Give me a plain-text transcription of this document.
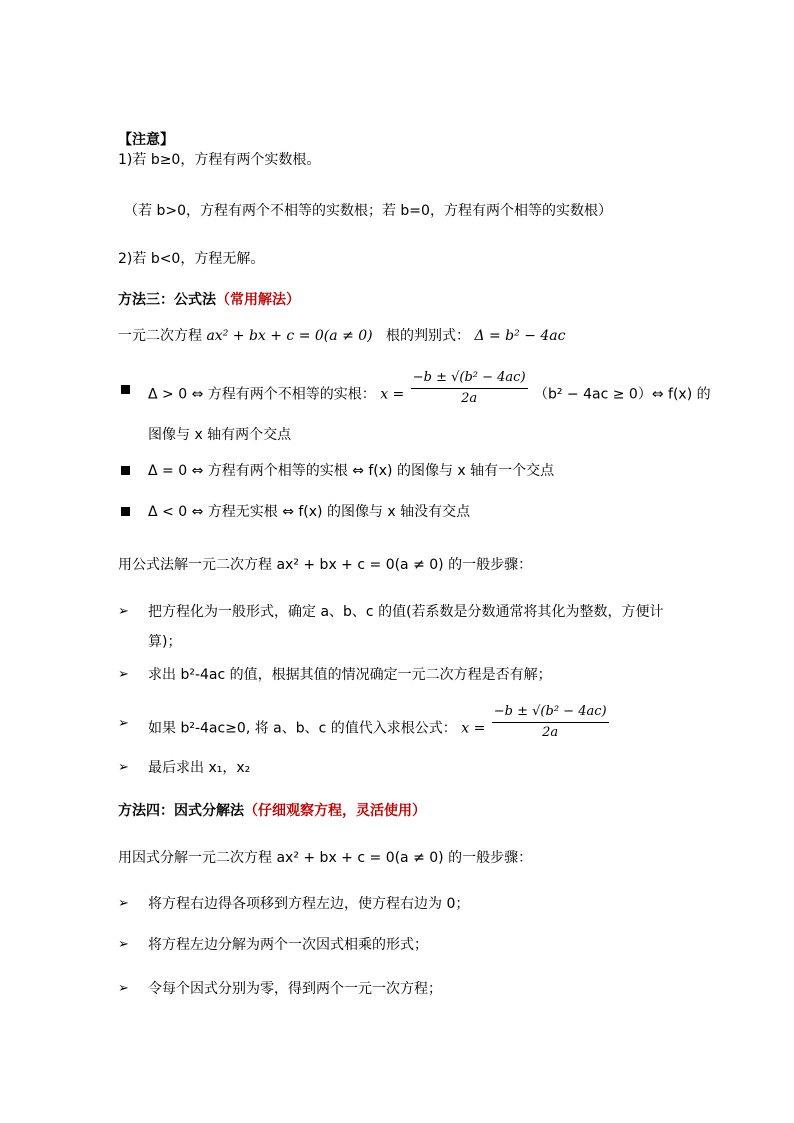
【注意】
1)若 b≥0，方程有两个实数根。
（若 b>0，方程有两个不相等的实数根；若 b=0，方程有两个相等的实数根）
2)若 b<0，方程无解。
方法三：公式法（常用解法）
一元二次方程 ax² + bx + c = 0(a ≠ 0) 根的判别式： Δ = b² − 4ac
Δ > 0 ⇔ 方程有两个不相等的实根： $x = \frac{\text{−b ± √(b² − 4ac)}}{2a} (b^2 - 4ac$ ≥ 0）⇔ f(x) 的
图像与 x 轴有两个交点
Δ = 0 ⇔ 方程有两个相等的实根 ⇔ f(x) 的图像与 x 轴有一个交点
Δ < 0 ⇔ 方程无实根 ⇔ f(x) 的图像与 x 轴没有交点
用公式法解一元二次方程 ax² + bx + c = 0(a ≠ 0) 的一般步骤：
➢ 把方程化为一般形式，确定 a、b、c 的值(若系数是分数通常将其化为整数，方便计
算)；
➢ 求出 b²-4ac 的值，根据其值的情况确定一元二次方程是否有解；
➢ 如果 b²-4ac≥0, 将 a、b、c 的值代入求根公式： $x = \frac{\text{−b ± √(b² − 4ac)}}{2a}$
➢ 最后求出 x₁，x₂
方法四：因式分解法（仔细观察方程，灵活使用）
用因式分解一元二次方程 ax² + bx + c = 0(a ≠ 0) 的一般步骤：
➢ 将方程右边得各项移到方程左边，使方程右边为 0；
➢ 将方程左边分解为两个一次因式相乘的形式；
➢ 令每个因式分别为零，得到两个一元一次方程；
